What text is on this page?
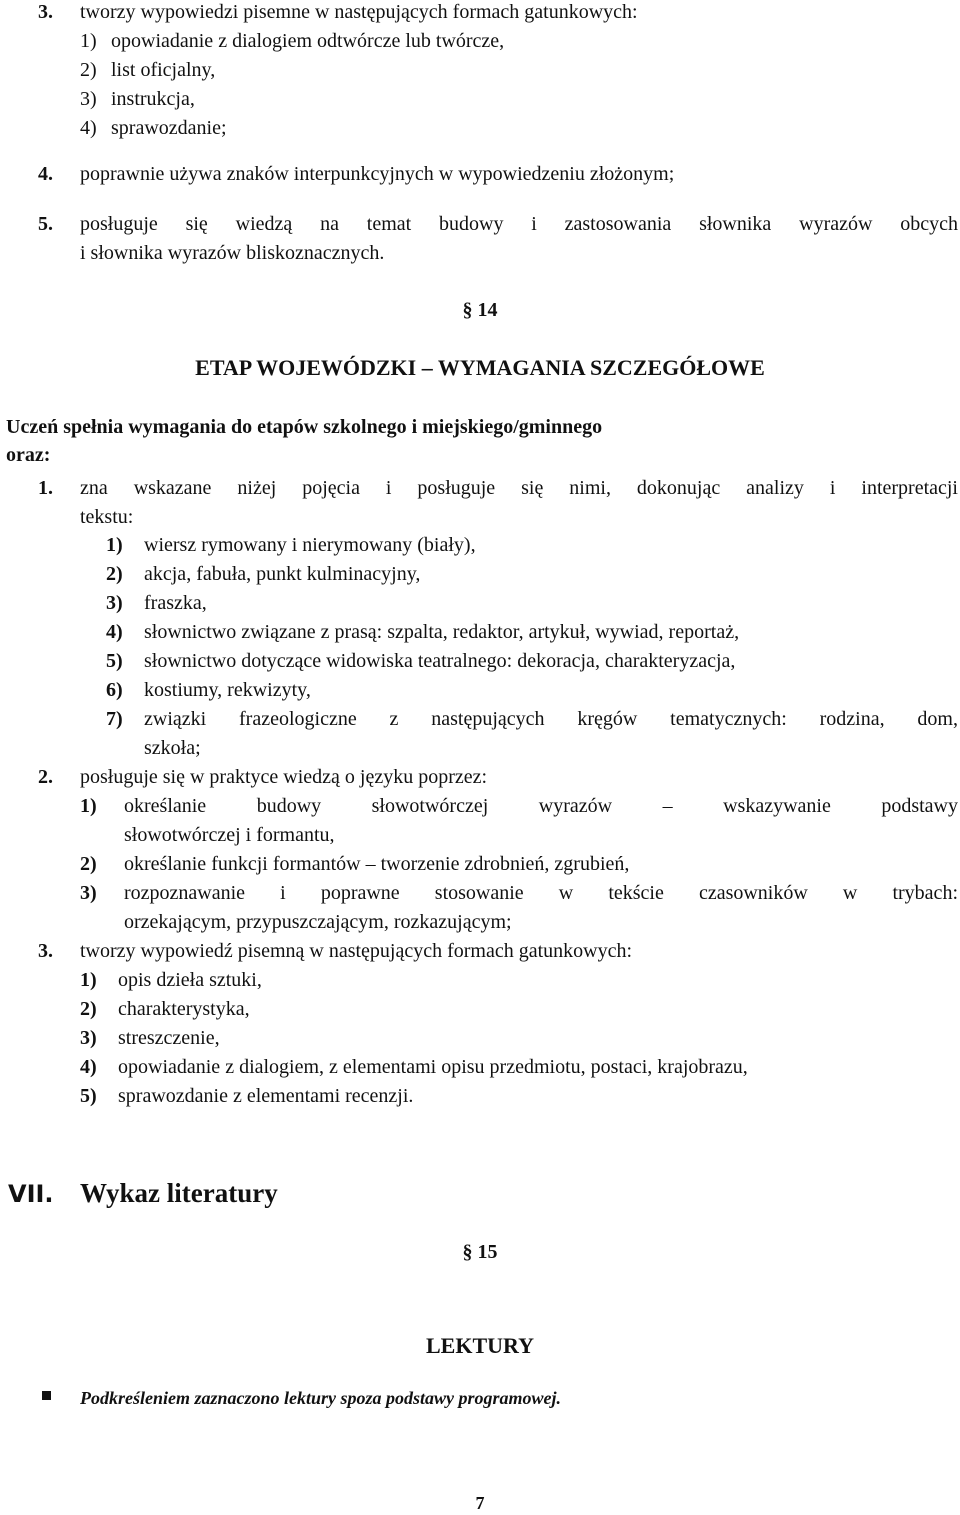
3. tworzy wypowiedzi pisemne w następujących formach gatunkowych:
1) opowiadanie z dialogiem odtwórcze lub twórcze,
2) list oficjalny,
3) instrukcja,
4) sprawozdanie;
4. poprawnie używa znaków interpunkcyjnych w wypowiedzeniu złożonym;
5. posługuje się wiedzą na temat budowy i zastosowania słownika wyrazów obcych
i słownika wyrazów bliskoznacznych.
§ 14
ETAP WOJEWÓDZKI – WYMAGANIA SZCZEGÓŁOWE
Uczeń spełnia wymagania do etapów szkolnego i miejskiego/gminnego
oraz:
1. zna wskazane niżej pojęcia i posługuje się nimi, dokonując analizy i interpretacji
tekstu:
1) wiersz rymowany i nierymowany (biały),
2) akcja, fabuła, punkt kulminacyjny,
3) fraszka,
4) słownictwo związane z prasą: szpalta, redaktor, artykuł, wywiad, reportaż,
5) słownictwo dotyczące widowiska teatralnego: dekoracja, charakteryzacja,
6) kostiumy, rekwizyty,
7) związki frazeologiczne z następujących kręgów tematycznych: rodzina, dom,
szkoła;
2. posługuje się w praktyce wiedzą o języku poprzez:
1) określanie budowy słowotwórczej wyrazów – wskazywanie podstawy
słowotwórczej i formantu,
2) określanie funkcji formantów – tworzenie zdrobnień, zgrubień,
3) rozpoznawanie i poprawne stosowanie w tekście czasowników w trybach:
orzekającym, przypuszczającym, rozkazującym;
3. tworzy wypowiedź pisemną w następujących formach gatunkowych:
1) opis dzieła sztuki,
2) charakterystyka,
3) streszczenie,
4) opowiadanie z dialogiem, z elementami opisu przedmiotu, postaci, krajobrazu,
5) sprawozdanie z elementami recenzji.
VII. Wykaz literatury
§ 15
LEKTURY
Podkreśleniem zaznaczono lektury spoza podstawy programowej.
7
